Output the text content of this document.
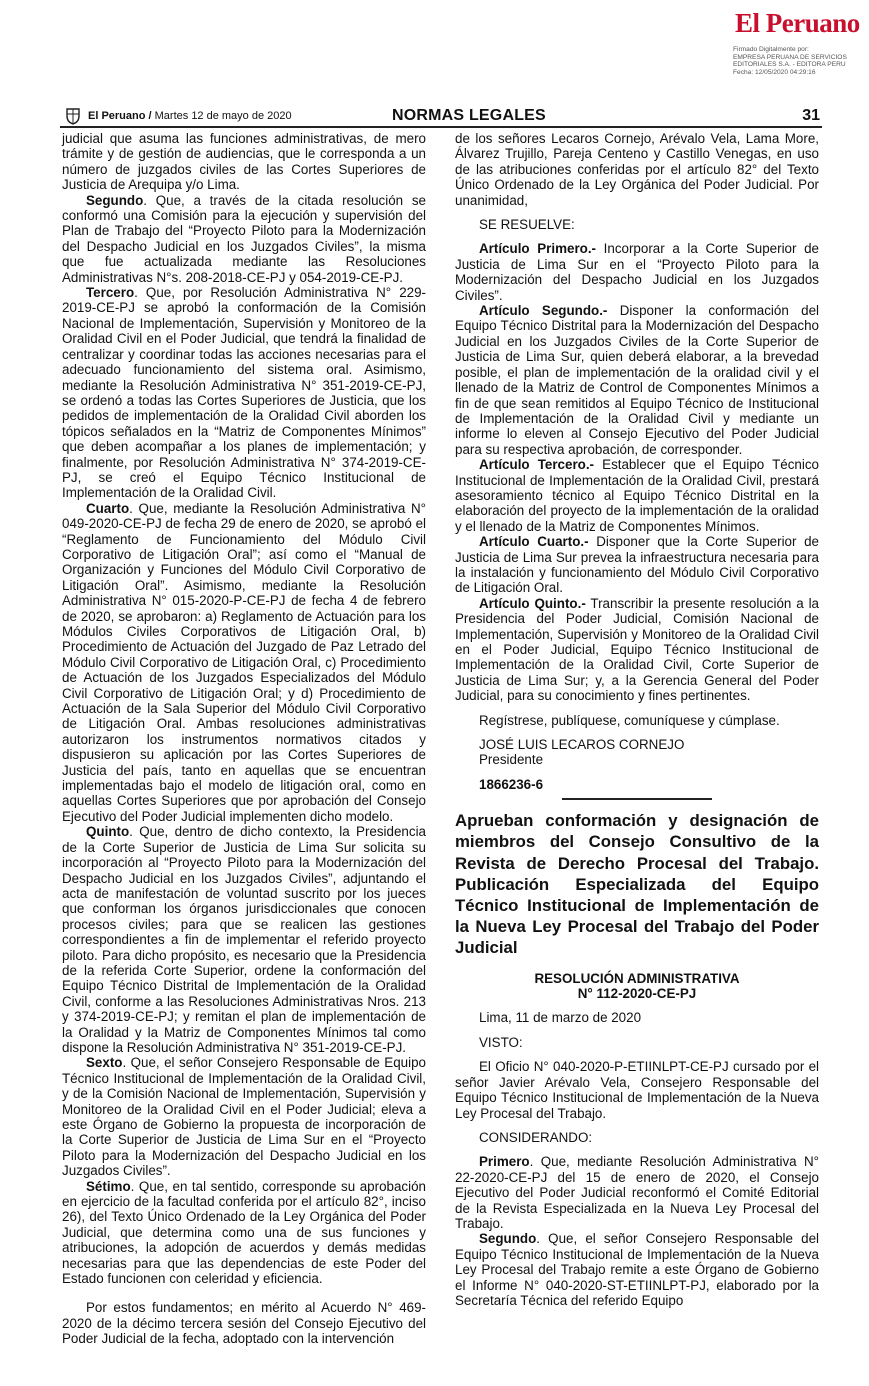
El Peruano
Firmado Digitalmente por:
EMPRESA PERUANA DE SERVICIOS
EDITORIALES S.A. - EDITORA PERU
Fecha: 12/05/2020 04:29:16
El Peruano / Martes 12 de mayo de 2020	NORMAS LEGALES	31

judicial que asuma las funciones administrativas, de mero trámite y de gestión de audiencias, que le corresponda a un número de juzgados civiles de las Cortes Superiores de Justicia de Arequipa y/o Lima.

Segundo. Que, a través de la citada resolución se conformó una Comisión para la ejecución y supervisión del Plan de Trabajo del “Proyecto Piloto para la Modernización del Despacho Judicial en los Juzgados Civiles”, la misma que fue actualizada mediante las Resoluciones Administrativas N°s. 208-2018-CE-PJ y 054-2019-CE-PJ.

Tercero. Que, por Resolución Administrativa N° 229-2019-CE-PJ se aprobó la conformación de la Comisión Nacional de Implementación, Supervisión y Monitoreo de la Oralidad Civil en el Poder Judicial, que tendrá la finalidad de centralizar y coordinar todas las acciones necesarias para el adecuado funcionamiento del sistema oral. Asimismo, mediante la Resolución Administrativa N° 351-2019-CE-PJ, se ordenó a todas las Cortes Superiores de Justicia, que los pedidos de implementación de la Oralidad Civil aborden los tópicos señalados en la “Matriz de Componentes Mínimos” que deben acompañar a los planes de implementación; y finalmente, por Resolución Administrativa N° 374-2019-CE-PJ, se creó el Equipo Técnico Institucional de Implementación de la Oralidad Civil.

Cuarto. Que, mediante la Resolución Administrativa N° 049-2020-CE-PJ de fecha 29 de enero de 2020, se aprobó el “Reglamento de Funcionamiento del Módulo Civil Corporativo de Litigación Oral”; así como el “Manual de Organización y Funciones del Módulo Civil Corporativo de Litigación Oral”. Asimismo, mediante la Resolución Administrativa N° 015-2020-P-CE-PJ de fecha 4 de febrero de 2020, se aprobaron: a) Reglamento de Actuación para los Módulos Civiles Corporativos de Litigación Oral, b) Procedimiento de Actuación del Juzgado de Paz Letrado del Módulo Civil Corporativo de Litigación Oral, c) Procedimiento de Actuación de los Juzgados Especializados del Módulo Civil Corporativo de Litigación Oral; y d) Procedimiento de Actuación de la Sala Superior del Módulo Civil Corporativo de Litigación Oral. Ambas resoluciones administrativas autorizaron los instrumentos normativos citados y dispusieron su aplicación por las Cortes Superiores de Justicia del país, tanto en aquellas que se encuentran implementadas bajo el modelo de litigación oral, como en aquellas Cortes Superiores que por aprobación del Consejo Ejecutivo del Poder Judicial implementen dicho modelo.

Quinto. Que, dentro de dicho contexto, la Presidencia de la Corte Superior de Justicia de Lima Sur solicita su incorporación al “Proyecto Piloto para la Modernización del Despacho Judicial en los Juzgados Civiles”, adjuntando el acta de manifestación de voluntad suscrito por los jueces que conforman los órganos jurisdiccionales que conocen procesos civiles; para que se realicen las gestiones correspondientes a fin de implementar el referido proyecto piloto. Para dicho propósito, es necesario que la Presidencia de la referida Corte Superior, ordene la conformación del Equipo Técnico Distrital de Implementación de la Oralidad Civil, conforme a las Resoluciones Administrativas Nros. 213 y 374-2019-CE-PJ; y remitan el plan de implementación de la Oralidad y la Matriz de Componentes Mínimos tal como dispone la Resolución Administrativa N° 351-2019-CE-PJ.

Sexto. Que, el señor Consejero Responsable de Equipo Técnico Institucional de Implementación de la Oralidad Civil, y de la Comisión Nacional de Implementación, Supervisión y Monitoreo de la Oralidad Civil en el Poder Judicial; eleva a este Órgano de Gobierno la propuesta de incorporación de la Corte Superior de Justicia de Lima Sur en el “Proyecto Piloto para la Modernización del Despacho Judicial en los Juzgados Civiles”.

Sétimo. Que, en tal sentido, corresponde su aprobación en ejercicio de la facultad conferida por el artículo 82°, inciso 26), del Texto Único Ordenado de la Ley Orgánica del Poder Judicial, que determina como una de sus funciones y atribuciones, la adopción de acuerdos y demás medidas necesarias para que las dependencias de este Poder del Estado funcionen con celeridad y eficiencia.

Por estos fundamentos; en mérito al Acuerdo N° 469-2020 de la décimo tercera sesión del Consejo Ejecutivo del Poder Judicial de la fecha, adoptado con la intervención

de los señores Lecaros Cornejo, Arévalo Vela, Lama More, Álvarez Trujillo, Pareja Centeno y Castillo Venegas, en uso de las atribuciones conferidas por el artículo 82° del Texto Único Ordenado de la Ley Orgánica del Poder Judicial. Por unanimidad,

SE RESUELVE:

Artículo Primero.- Incorporar a la Corte Superior de Justicia de Lima Sur en el “Proyecto Piloto para la Modernización del Despacho Judicial en los Juzgados Civiles”.

Artículo Segundo.- Disponer la conformación del Equipo Técnico Distrital para la Modernización del Despacho Judicial en los Juzgados Civiles de la Corte Superior de Justicia de Lima Sur, quien deberá elaborar, a la brevedad posible, el plan de implementación de la oralidad civil y el llenado de la Matriz de Control de Componentes Mínimos a fin de que sean remitidos al Equipo Técnico de Institucional de Implementación de la Oralidad Civil y mediante un informe lo eleven al Consejo Ejecutivo del Poder Judicial para su respectiva aprobación, de corresponder.

Artículo Tercero.- Establecer que el Equipo Técnico Institucional de Implementación de la Oralidad Civil, prestará asesoramiento técnico al Equipo Técnico Distrital en la elaboración del proyecto de la implementación de la oralidad y el llenado de la Matriz de Componentes Mínimos.

Artículo Cuarto.- Disponer que la Corte Superior de Justicia de Lima Sur prevea la infraestructura necesaria para la instalación y funcionamiento del Módulo Civil Corporativo de Litigación Oral.

Artículo Quinto.- Transcribir la presente resolución a la Presidencia del Poder Judicial, Comisión Nacional de Implementación, Supervisión y Monitoreo de la Oralidad Civil en el Poder Judicial, Equipo Técnico Institucional de Implementación de la Oralidad Civil, Corte Superior de Justicia de Lima Sur; y, a la Gerencia General del Poder Judicial, para su conocimiento y fines pertinentes.

Regístrese, publíquese, comuníquese y cúmplase.

JOSÉ LUIS LECAROS CORNEJO

Presidente

1866236-6

Aprueban conformación y designación de miembros del Consejo Consultivo de la Revista de Derecho Procesal del Trabajo. Publicación Especializada del Equipo Técnico Institucional de Implementación de la Nueva Ley Procesal del Trabajo del Poder Judicial
RESOLUCIÓN ADMINISTRATIVA
N° 112-2020-CE-PJ

Lima, 11 de marzo de 2020

VISTO:

El Oficio N° 040-2020-P-ETIINLPT-CE-PJ cursado por el señor Javier Arévalo Vela, Consejero Responsable del Equipo Técnico Institucional de Implementación de la Nueva Ley Procesal del Trabajo.

CONSIDERANDO:

Primero. Que, mediante Resolución Administrativa N° 22-2020-CE-PJ del 15 de enero de 2020, el Consejo Ejecutivo del Poder Judicial reconformó el Comité Editorial de la Revista Especializada en la Nueva Ley Procesal del Trabajo.

Segundo. Que, el señor Consejero Responsable del Equipo Técnico Institucional de Implementación de la Nueva Ley Procesal del Trabajo remite a este Órgano de Gobierno el Informe N° 040-2020-ST-ETIINLPT-PJ, elaborado por la Secretaría Técnica del referido Equipo
